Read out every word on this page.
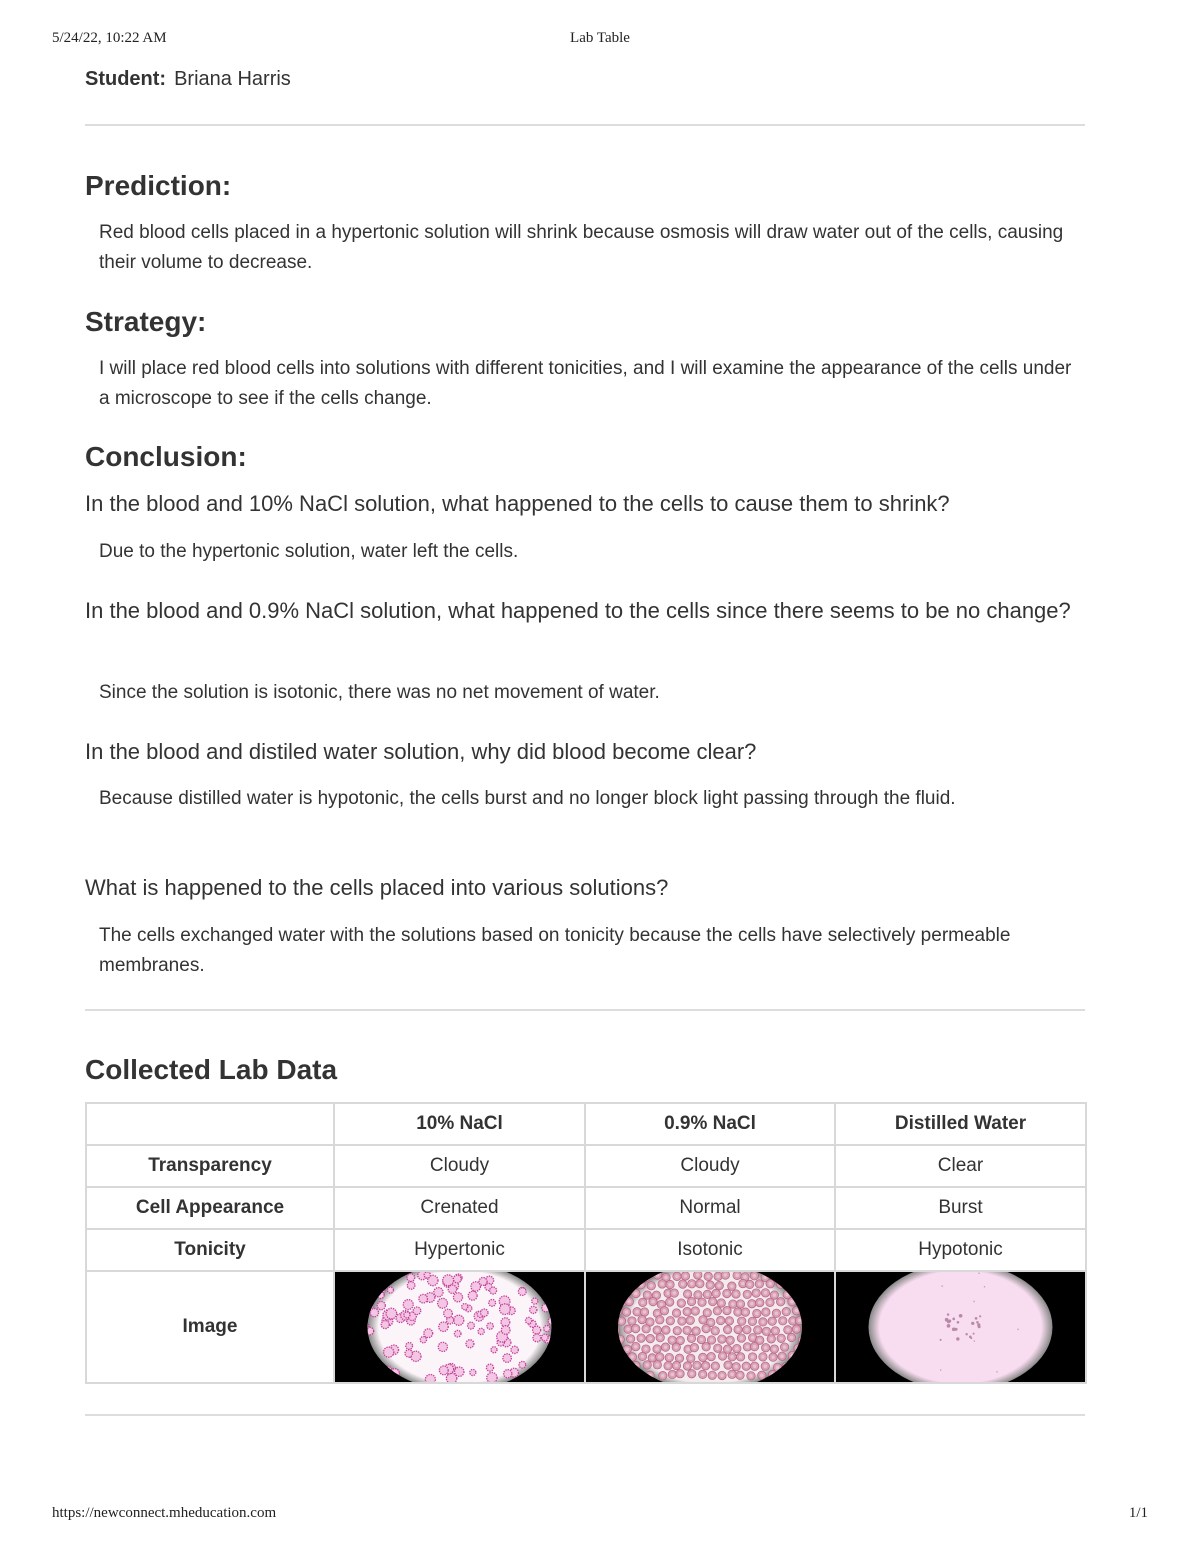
5/24/22, 10:22 AM	Lab Table
Student: Briana Harris
Prediction:

Red blood cells placed in a hypertonic solution will shrink because osmosis will draw water out of the cells, causing their volume to decrease.

Strategy:

I will place red blood cells into solutions with different tonicities, and I will examine the appearance of the cells under a microscope to see if the cells change.

Conclusion:

In the blood and 10% NaCl solution, what happened to the cells to cause them to shrink?

Due to the hypertonic solution, water left the cells.

In the blood and 0.9% NaCl solution, what happened to the cells since there seems to be no change?

Since the solution is isotonic, there was no net movement of water.

In the blood and distiled water solution, why did blood become clear?

Because distilled water is hypotonic, the cells burst and no longer block light passing through the fluid.

What is happened to the cells placed into various solutions?

The cells exchanged water with the solutions based on tonicity because the cells have selectively permeable membranes.

Collected Lab Data
	10% NaCl	0.9% NaCl	Distilled Water
Transparency	Cloudy	Cloudy	Clear
Cell Appearance	Crenated	Normal	Burst
Tonicity	Hypertonic	Isotonic	Hypotonic
Image	

https://newconnect.mheducation.com	1/1
